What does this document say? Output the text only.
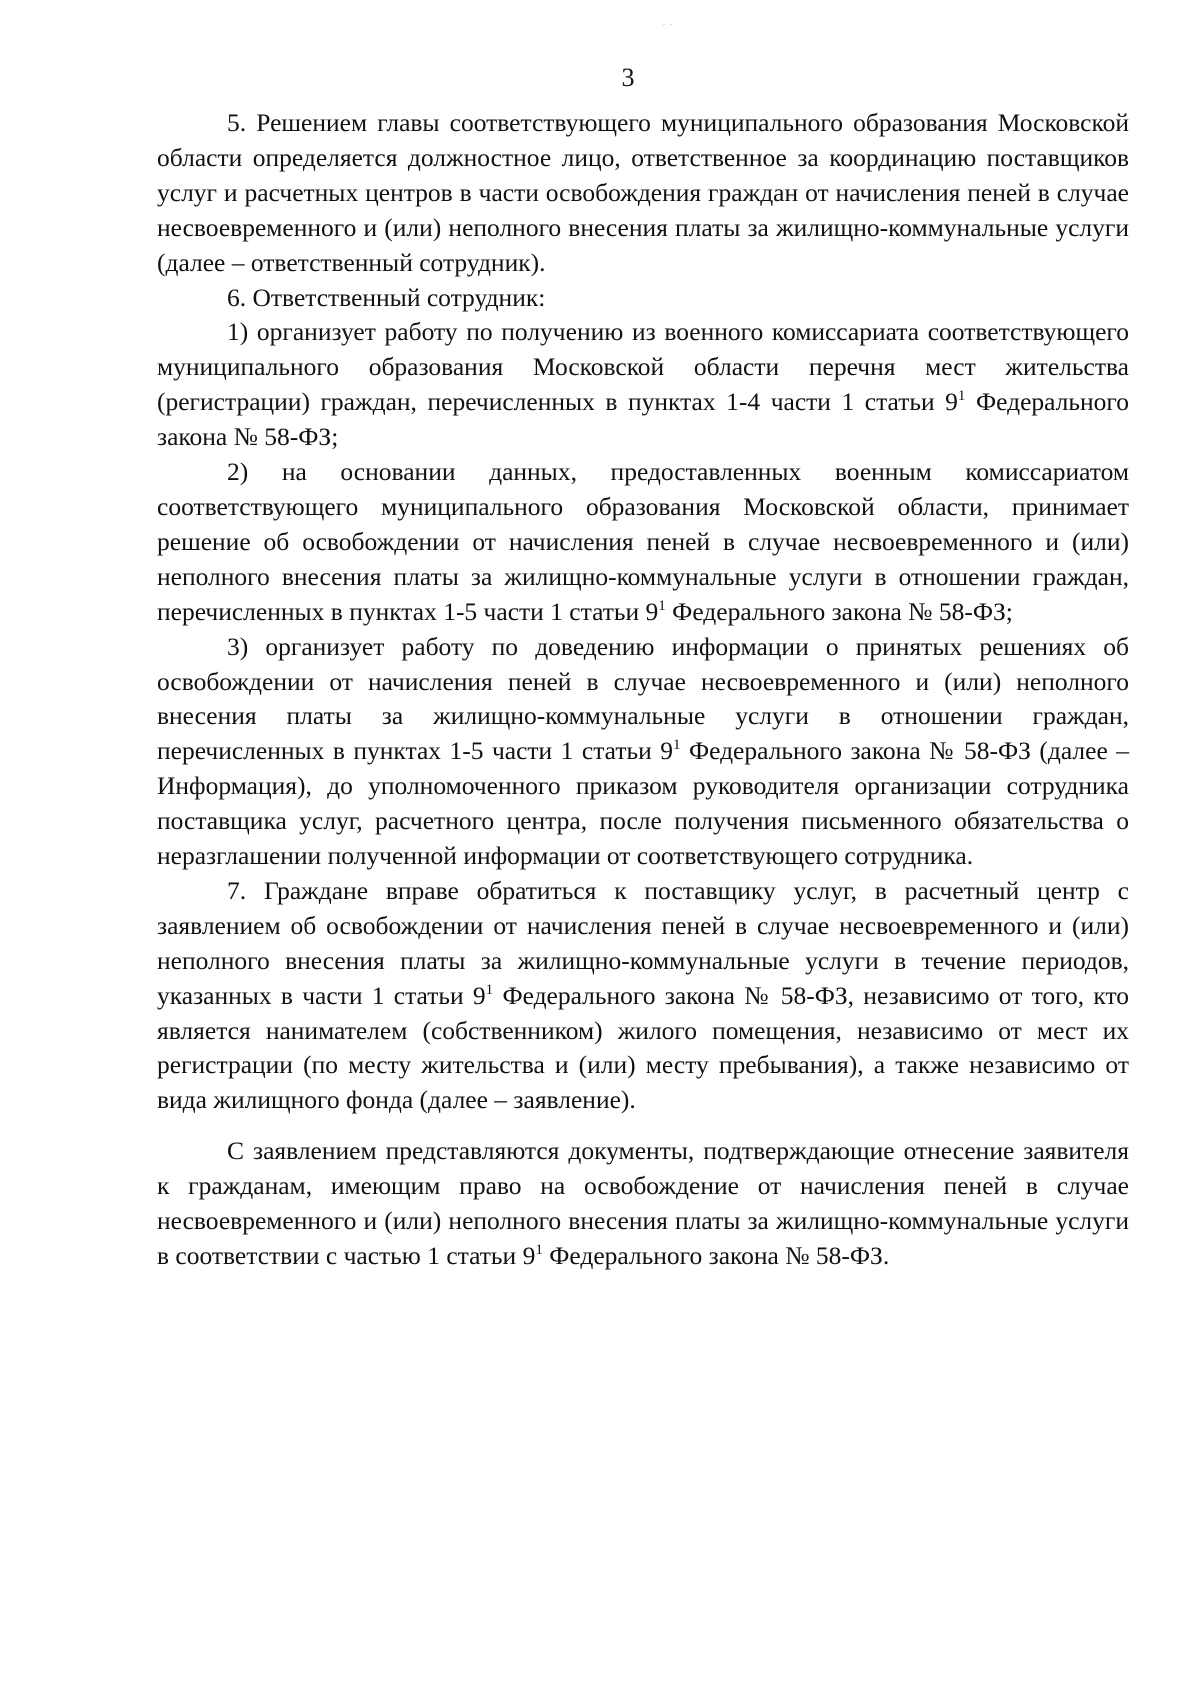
· ·
3

5. Решением главы соответствующего муниципального образования Московской области определяется должностное лицо, ответственное за координацию поставщиков услуг и расчетных центров в части освобождения граждан от начисления пеней в случае несвоевременного и (или) неполного внесения платы за жилищно-коммунальные услуги (далее – ответственный сотрудник).

6. Ответственный сотрудник:

1) организует работу по получению из военного комиссариата соответствующего муниципального образования Московской области перечня мест жительства (регистрации) граждан, перечисленных в пунктах 1-4 части 1 статьи $9^1$ Федерального закона № 58-ФЗ;

2) на основании данных, предоставленных военным комиссариатом соответствующего муниципального образования Московской области, принимает решение об освобождении от начисления пеней в случае несвоевременного и (или) неполного внесения платы за жилищно-коммунальные услуги в отношении граждан, перечисленных в пунктах 1-5 части 1 статьи $9^1$ Федерального закона № 58-ФЗ;

3) организует работу по доведению информации о принятых решениях об освобождении от начисления пеней в случае несвоевременного и (или) неполного внесения платы за жилищно-коммунальные услуги в отношении граждан, перечисленных в пунктах 1-5 части 1 статьи $9^1$ Федерального закона № 58-ФЗ (далее – Информация), до уполномоченного приказом руководителя организации сотрудника поставщика услуг, расчетного центра, после получения письменного обязательства о неразглашении полученной информации от соответствующего сотрудника.

7. Граждане вправе обратиться к поставщику услуг, в расчетный центр с заявлением об освобождении от начисления пеней в случае несвоевременного и (или) неполного внесения платы за жилищно-коммунальные услуги в течение периодов, указанных в части 1 статьи $9^1$ Федерального закона № 58-ФЗ, независимо от того, кто является нанимателем (собственником) жилого помещения, независимо от мест их регистрации (по месту жительства и (или) месту пребывания), а также независимо от вида жилищного фонда (далее – заявление).

С заявлением представляются документы, подтверждающие отнесение заявителя к гражданам, имеющим право на освобождение от начисления пеней в случае несвоевременного и (или) неполного внесения платы за жилищно-коммунальные услуги в соответствии с частью 1 статьи $9^1$ Федерального закона № 58-ФЗ.
